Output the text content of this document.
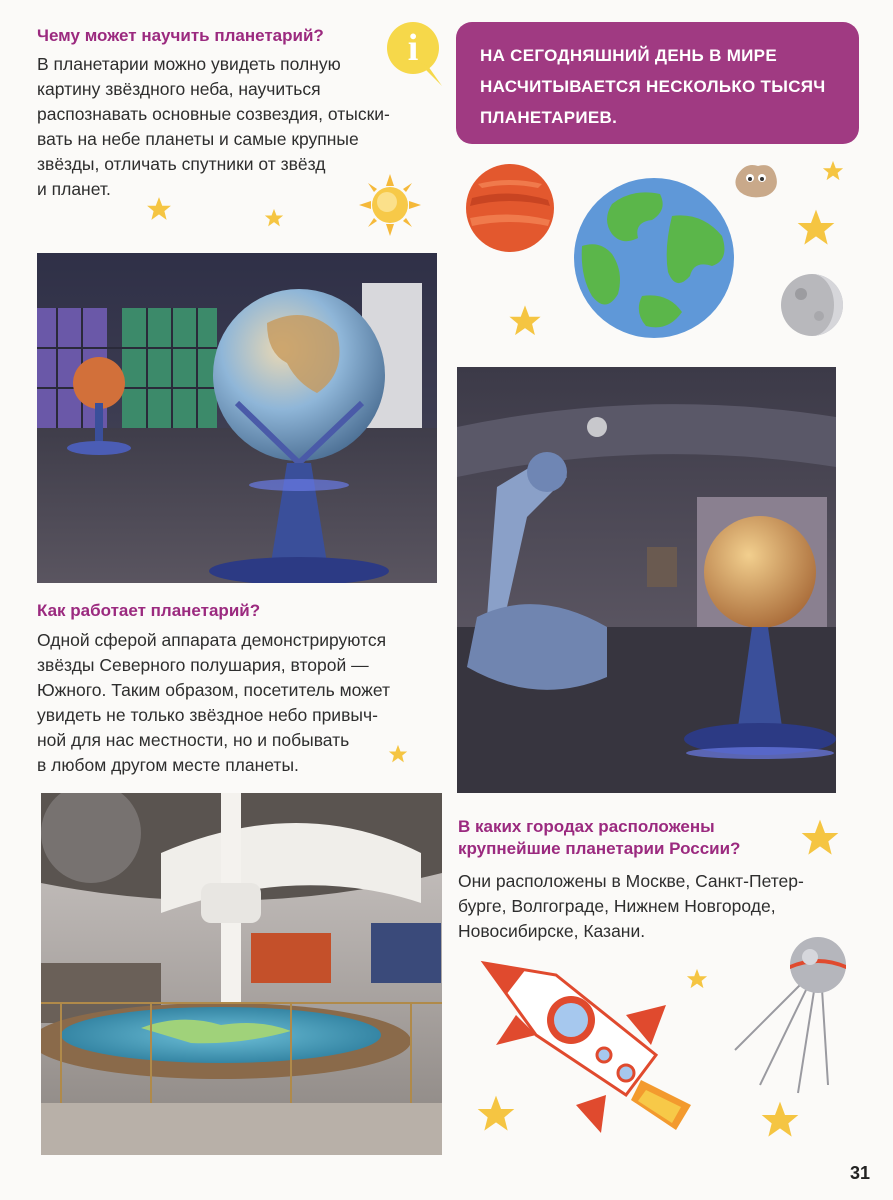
Чему может научить планетарий?
В планетарии можно увидеть полную
картину звёздного неба, научиться
распознавать основные созвездия, отыски-
вать на небе планеты и самые крупные
звёзды, отличать спутники от звёзд
и планет.
i	НА СЕГОДНЯШНИЙ ДЕНЬ В МИРЕ
НАСЧИТЫВАЕТСЯ НЕСКОЛЬКО ТЫСЯЧ
ПЛАНЕТАРИЕВ.
Как работает планетарий?
Одной сферой аппарата демонстрируются
звёзды Северного полушария, второй —
Южного. Таким образом, посетитель может
увидеть не только звёздное небо привыч-
ной для нас местности, но и побывать
в любом другом месте планеты.
В каких городах расположены
крупнейшие планетарии России?
Они расположены в Москве, Санкт-Петер-
бурге, Волгограде, Нижнем Новгороде,
Новосибирске, Казани.
31
